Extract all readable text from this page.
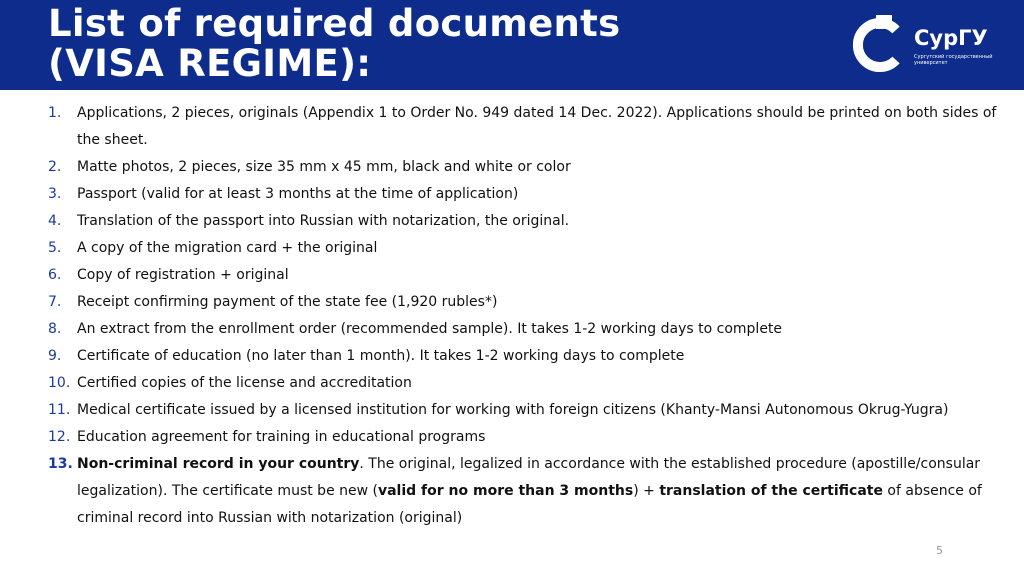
List of required documents
(VISA REGIME):
СурГУ
Сургутский государственный университет
1. Applications, 2 pieces, originals (Appendix 1 to Order No. 949 dated 14 Dec. 2022). Applications should be printed on both sides of the sheet.
2. Matte photos, 2 pieces, size 35 mm x 45 mm, black and white or color
3. Passport (valid for at least 3 months at the time of application)
4. Translation of the passport into Russian with notarization, the original.
5. A copy of the migration card + the original
6. Copy of registration + original
7. Receipt confirming payment of the state fee (1,920 rubles*)
8. An extract from the enrollment order (recommended sample). It takes 1-2 working days to complete
9. Certificate of education (no later than 1 month). It takes 1-2 working days to complete
10. Certified copies of the license and accreditation
11. Medical certificate issued by a licensed institution for working with foreign citizens (Khanty-Mansi Autonomous Okrug-Yugra)
12. Education agreement for training in educational programs
13. Non-criminal record in your country. The original, legalized in accordance with the established procedure (apostille/consular legalization). The certificate must be new (valid for no more than 3 months) + translation of the certificate of absence of criminal record into Russian with notarization (original)
5
